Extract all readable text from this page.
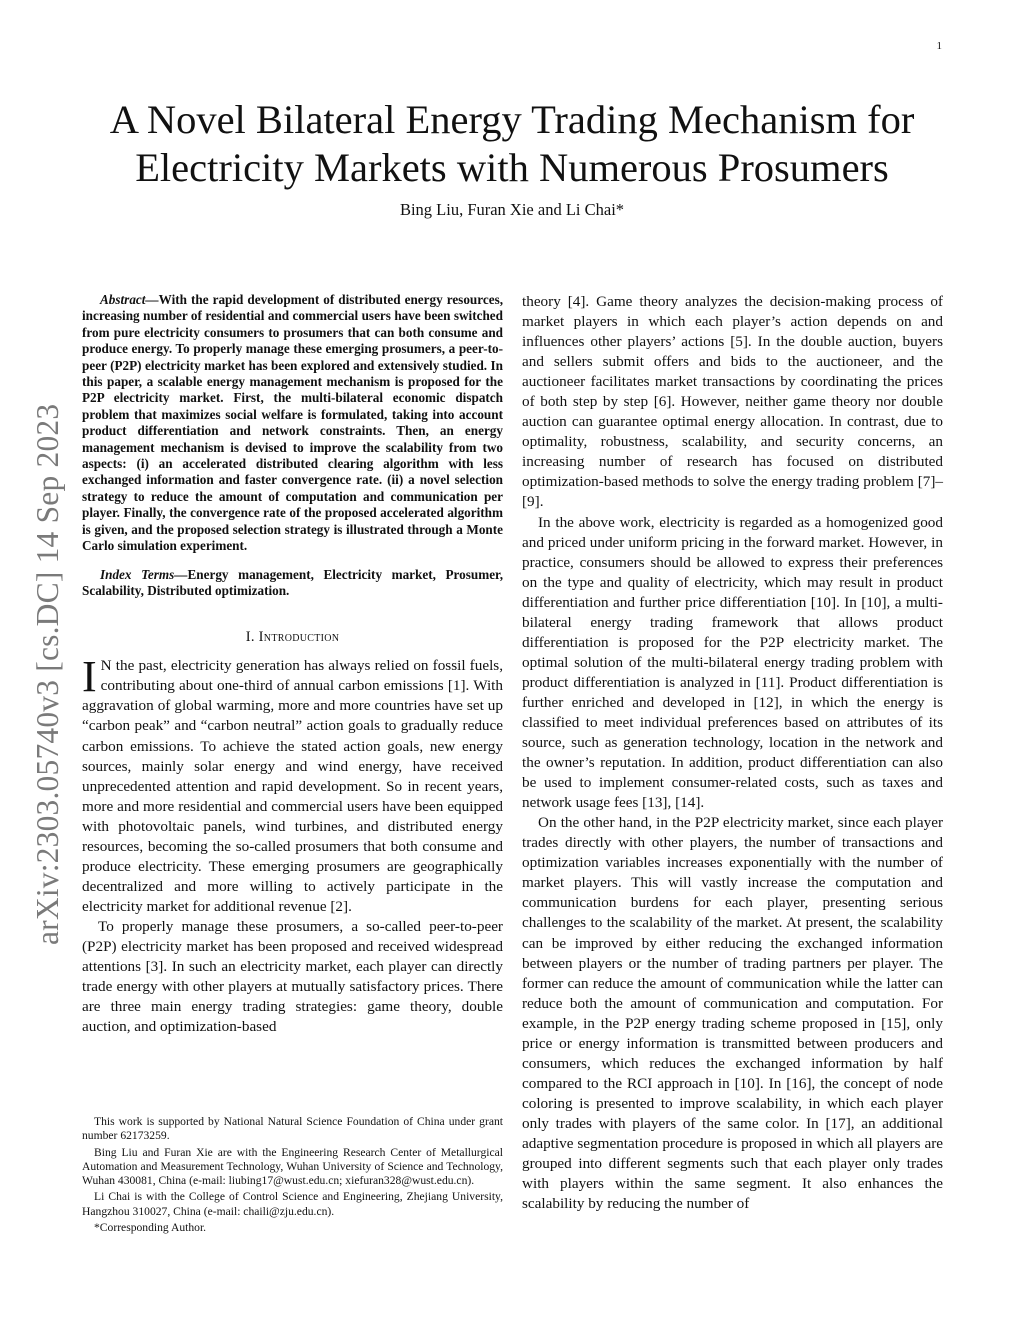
1
arXiv:2303.05740v3 [cs.DC] 14 Sep 2023
A Novel Bilateral Energy Trading Mechanism for Electricity Markets with Numerous Prosumers
Bing Liu, Furan Xie and Li Chai*

Abstract—With the rapid development of distributed energy resources, increasing number of residential and commercial users have been switched from pure electricity consumers to prosumers that can both consume and produce energy. To properly manage these emerging prosumers, a peer-to-peer (P2P) electricity market has been explored and extensively studied. In this paper, a scalable energy management mechanism is proposed for the P2P electricity market. First, the multi-bilateral economic dispatch problem that maximizes social welfare is formulated, taking into account product differentiation and network constraints. Then, an energy management mechanism is devised to improve the scalability from two aspects: (i) an accelerated distributed clearing algorithm with less exchanged information and faster convergence rate. (ii) a novel selection strategy to reduce the amount of computation and communication per player. Finally, the convergence rate of the proposed accelerated algorithm is given, and the proposed selection strategy is illustrated through a Monte Carlo simulation experiment.

Index Terms—Energy management, Electricity market, Prosumer, Scalability, Distributed optimization.

I. Introduction

I N the past, electricity generation has always relied on fossil fuels, contributing about one-third of annual carbon emissions [1]. With aggravation of global warming, more and more countries have set up “carbon peak” and “carbon neutral” action goals to gradually reduce carbon emissions. To achieve the stated action goals, new energy sources, mainly solar energy and wind energy, have received unprecedented attention and rapid development. So in recent years, more and more residential and commercial users have been equipped with photovoltaic panels, wind turbines, and distributed energy resources, becoming the so-called prosumers that both consume and produce electricity. These emerging prosumers are geographically decentralized and more willing to actively participate in the electricity market for additional revenue [2].

To properly manage these prosumers, a so-called peer-to-peer (P2P) electricity market has been proposed and received widespread attentions [3]. In such an electricity market, each player can directly trade energy with other players at mutually satisfactory prices. There are three main energy trading strategies: game theory, double auction, and optimization-based

theory [4]. Game theory analyzes the decision-making process of market players in which each player’s action depends on and influences other players’ actions [5]. In the double auction, buyers and sellers submit offers and bids to the auctioneer, and the auctioneer facilitates market transactions by coordinating the prices of both step by step [6]. However, neither game theory nor double auction can guarantee optimal energy allocation. In contrast, due to optimality, robustness, scalability, and security concerns, an increasing number of research has focused on distributed optimization-based methods to solve the energy trading problem [7]–[9].

In the above work, electricity is regarded as a homogenized good and priced under uniform pricing in the forward market. However, in practice, consumers should be allowed to express their preferences on the type and quality of electricity, which may result in product differentiation and further price differentiation [10]. In [10], a multi-bilateral energy trading framework that allows product differentiation is proposed for the P2P electricity market. The optimal solution of the multi-bilateral energy trading problem with product differentiation is analyzed in [11]. Product differentiation is further enriched and developed in [12], in which the energy is classified to meet individual preferences based on attributes of its source, such as generation technology, location in the network and the owner’s reputation. In addition, product differentiation can also be used to implement consumer-related costs, such as taxes and network usage fees [13], [14].

On the other hand, in the P2P electricity market, since each player trades directly with other players, the number of transactions and optimization variables increases exponentially with the number of market players. This will vastly increase the computation and communication burdens for each player, presenting serious challenges to the scalability of the market. At present, the scalability can be improved by either reducing the exchanged information between players or the number of trading partners per player. The former can reduce the amount of communication while the latter can reduce both the amount of communication and computation. For example, in the P2P energy trading scheme proposed in [15], only price or energy information is transmitted between producers and consumers, which reduces the exchanged information by half compared to the RCI approach in [10]. In [16], the concept of node coloring is presented to improve scalability, in which each player only trades with players of the same color. In [17], an additional adaptive segmentation procedure is proposed in which all players are grouped into different segments such that each player only trades with players within the same segment. It also enhances the scalability by reducing the number of

This work is supported by National Natural Science Foundation of China under grant number 62173259.

Bing Liu and Furan Xie are with the Engineering Research Center of Metallurgical Automation and Measurement Technology, Wuhan University of Science and Technology, Wuhan 430081, China (e-mail: liubing17@wust.edu.cn; xiefuran328@wust.edu.cn).

Li Chai is with the College of Control Science and Engineering, Zhejiang University, Hangzhou 310027, China (e-mail: chaili@zju.edu.cn).

*Corresponding Author.
